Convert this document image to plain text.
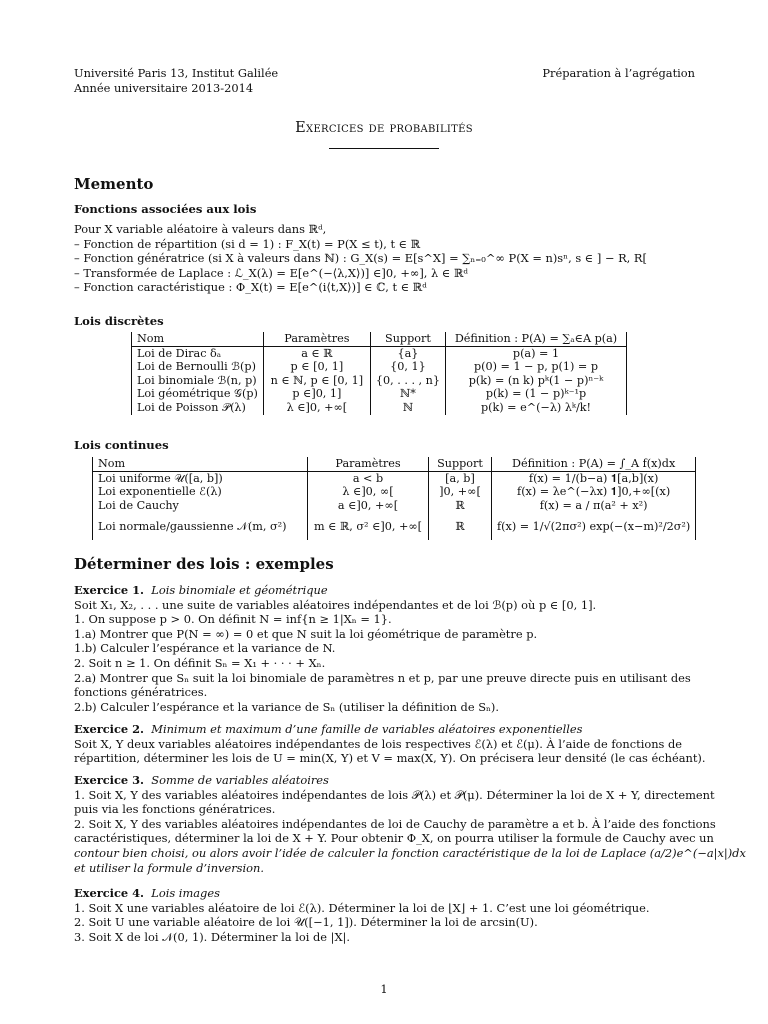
Université Paris 13, Institut Galilée
Année universitaire 2013-2014
Préparation à l’agrégation
Exercices de probabilités
Memento
Fonctions associées aux lois
Pour X variable aléatoire à valeurs dans ℝᵈ,
– Fonction de répartition (si d = 1) : F_X(t) = P(X ≤ t), t ∈ ℝ
– Fonction génératrice (si X à valeurs dans ℕ) : G_X(s) = E[s^X] = ∑ₙ₌₀^∞ P(X = n)sⁿ, s ∈ ] − R, R[
– Transformée de Laplace : ℒ_X(λ) = E[e^(−⟨λ,X⟩)] ∈]0, +∞], λ ∈ ℝᵈ
– Fonction caractéristique : Φ_X(t) = E[e^(i⟨t,X⟩)] ∈ ℂ, t ∈ ℝᵈ
Lois discrètes
Nom	Paramètres	Support	Définition : P(A) = ∑ₐ∈A p(a)
Loi de Dirac δₐ	a ∈ ℝ	{a}	p(a) = 1
Loi de Bernoulli ℬ(p)	p ∈ [0, 1]	{0, 1}	p(0) = 1 − p, p(1) = p
Loi binomiale ℬ(n, p)	n ∈ ℕ, p ∈ [0, 1]	{0, . . . , n}	p(k) = (n k) pᵏ(1 − p)ⁿ⁻ᵏ
Loi géométrique 𝒢(p)	p ∈]0, 1]	ℕ*	p(k) = (1 − p)ᵏ⁻¹p
Loi de Poisson 𝒫(λ)	λ ∈]0, +∞[	ℕ	p(k) = e^(−λ) λᵏ/k!
Lois continues
Nom	Paramètres	Support	Définition : P(A) = ∫_A f(x)dx
Loi uniforme 𝒰([a, b])	a < b	[a, b]	f(x) = 1/(b−a) 𝟏[a,b](x)
Loi exponentielle ℰ(λ)	λ ∈]0, ∞[	]0, +∞[	f(x) = λe^(−λx) 𝟏]0,+∞[(x)
Loi de Cauchy	a ∈]0, +∞[	ℝ	f(x) = a / π(a² + x²)
Loi normale/gaussienne 𝒩(m, σ²)	m ∈ ℝ, σ² ∈]0, +∞[	ℝ	f(x) = 1/√(2πσ²) exp(−(x−m)²/2σ²)
Déterminer des lois : exemples
Exercice 1. Lois binomiale et géométrique
Soit X₁, X₂, . . . une suite de variables aléatoires indépendantes et de loi ℬ(p) où p ∈ [0, 1].
1. On suppose p > 0. On définit N = inf{n ≥ 1|Xₙ = 1}.
1.a) Montrer que P(N = ∞) = 0 et que N suit la loi géométrique de paramètre p.
1.b) Calculer l’espérance et la variance de N.
2. Soit n ≥ 1. On définit Sₙ = X₁ + · · · + Xₙ.
2.a) Montrer que Sₙ suit la loi binomiale de paramètres n et p, par une preuve directe puis en utilisant des
fonctions génératrices.
2.b) Calculer l’espérance et la variance de Sₙ (utiliser la définition de Sₙ).
Exercice 2. Minimum et maximum d’une famille de variables aléatoires exponentielles
Soit X, Y deux variables aléatoires indépendantes de lois respectives ℰ(λ) et ℰ(μ). À l’aide de fonctions de
répartition, déterminer les lois de U = min(X, Y) et V = max(X, Y). On précisera leur densité (le cas échéant).
Exercice 3. Somme de variables aléatoires
1. Soit X, Y des variables aléatoires indépendantes de lois 𝒫(λ) et 𝒫(μ). Déterminer la loi de X + Y, directement
puis via les fonctions génératrices.
2. Soit X, Y des variables aléatoires indépendantes de loi de Cauchy de paramètre a et b. À l’aide des fonctions
caractéristiques, déterminer la loi de X + Y. Pour obtenir Φ_X, on pourra utiliser la formule de Cauchy avec un
contour bien choisi, ou alors avoir l’idée de calculer la fonction caractéristique de la loi de Laplace (a/2)e^(−a|x|)dx
et utiliser la formule d’inversion.
Exercice 4. Lois images
1. Soit X une variables aléatoire de loi ℰ(λ). Déterminer la loi de ⌊X⌋ + 1. C’est une loi géométrique.
2. Soit U une variable aléatoire de loi 𝒰([−1, 1]). Déterminer la loi de arcsin(U).
3. Soit X de loi 𝒩(0, 1). Déterminer la loi de |X|.
1
